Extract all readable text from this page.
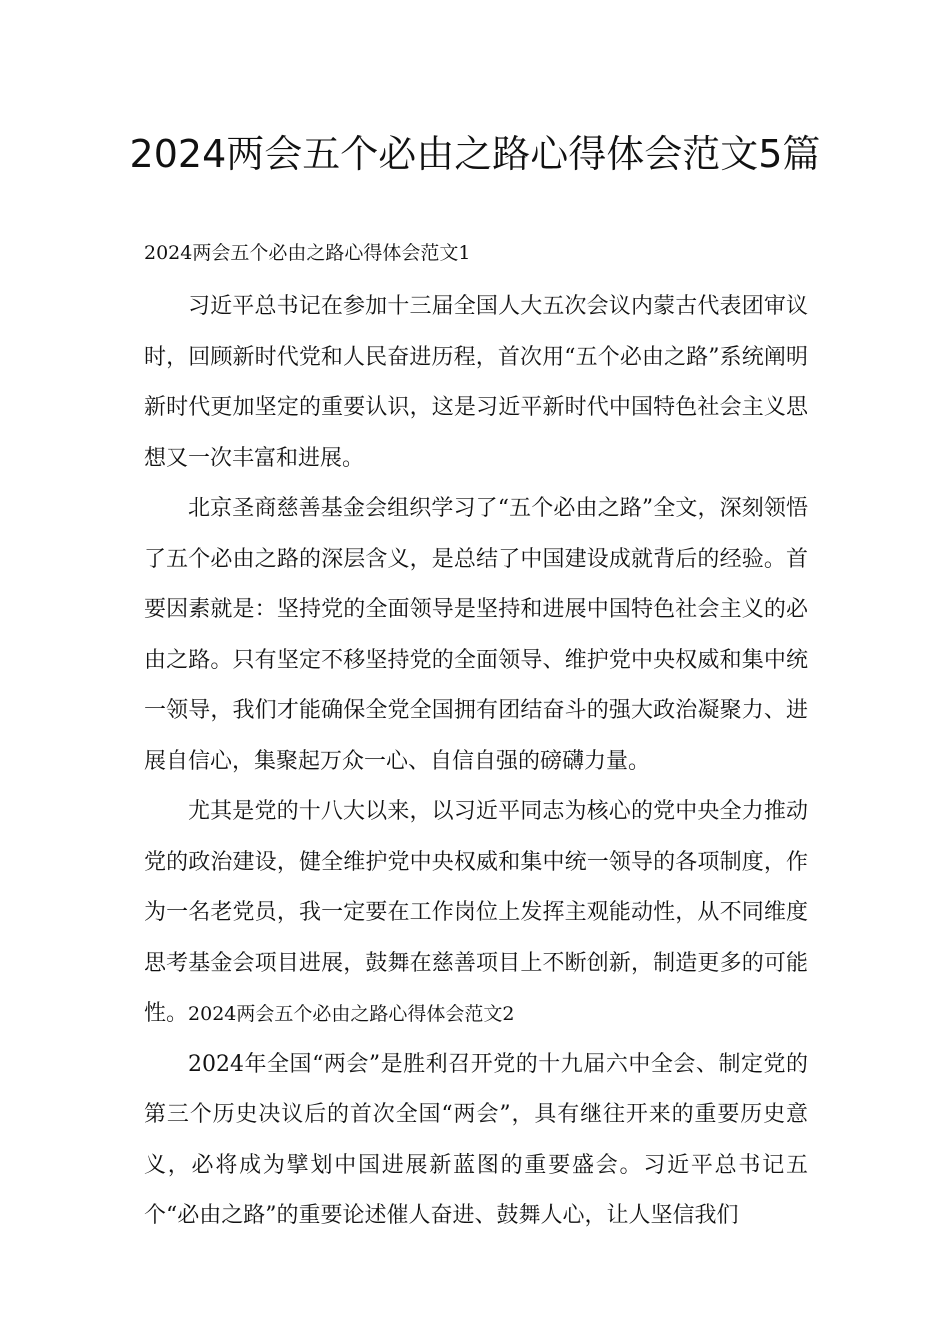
2024两会五个必由之路心得体会范文5篇

2024两会五个必由之路心得体会范文1

习近平总书记在参加十三届全国人大五次会议内蒙古代表团审议时，回顾新时代党和人民奋进历程，首次用“五个必由之路”系统阐明新时代更加坚定的重要认识，这是习近平新时代中国特色社会主义思想又一次丰富和进展。

北京圣商慈善基金会组织学习了“五个必由之路”全文，深刻领悟了五个必由之路的深层含义，是总结了中国建设成就背后的经验。首要因素就是：坚持党的全面领导是坚持和进展中国特色社会主义的必由之路。只有坚定不移坚持党的全面领导、维护党中央权威和集中统一领导，我们才能确保全党全国拥有团结奋斗的强大政治凝聚力、进展自信心，集聚起万众一心、自信自强的磅礴力量。

尤其是党的十八大以来，以习近平同志为核心的党中央全力推动党的政治建设，健全维护党中央权威和集中统一领导的各项制度，作为一名老党员，我一定要在工作岗位上发挥主观能动性，从不同维度思考基金会项目进展，鼓舞在慈善项目上不断创新，制造更多的可能性。2024两会五个必由之路心得体会范文2

2024年全国“两会”是胜利召开党的十九届六中全会、制定党的第三个历史决议后的首次全国“两会”，具有继往开来的重要历史意义，必将成为擘划中国进展新蓝图的重要盛会。习近平总书记五个“必由之路”的重要论述催人奋进、鼓舞人心，让人坚信我们
